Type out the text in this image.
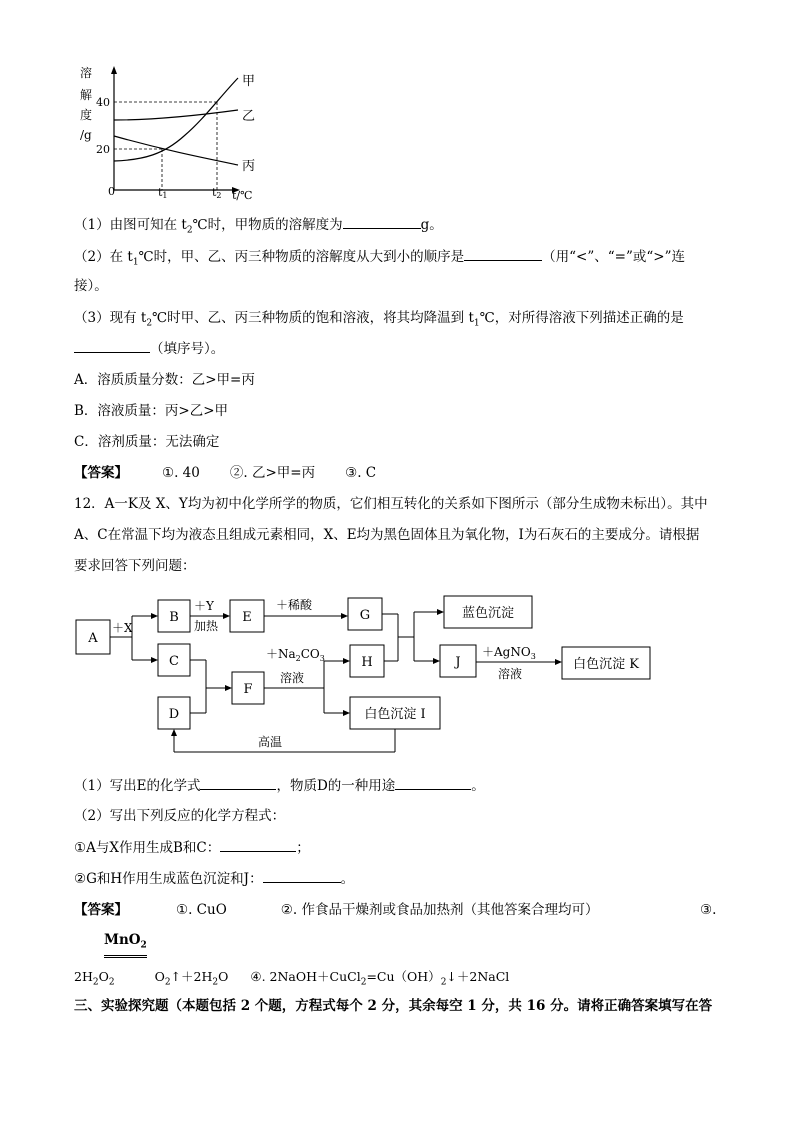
溶
解
度
/g
40
20
0	t1	t2 t/℃
甲
乙
丙
（1）由图可知在 $t_2℃$时，甲物质的溶解度为	g。
（2）在 $t_1℃$时，甲、乙、丙三种物质的溶解度从大到小的顺序是	（用“<”、“=”或“>”连
接）。
（3）现有 $t_2℃$时甲、乙、丙三种物质的饱和溶液，将其均降温到 $t_1℃$，对所得溶液下列描述正确的是
（填序号）。
A．溶质质量分数：乙>甲=丙
B．溶液质量：丙>乙>甲
C．溶剂质量：无法确定
【答案】	①. 40 ②. 乙>甲=丙 ③. C
12．A一K及 X、Y均为初中化学所学的物质，它们相互转化的关系如下图所示（部分生成物未标出）。其中
A、C在常温下均为液态且组成元素相同，X、E均为黑色固体且为氧化物，I为石灰石的主要成分。请根据
要求回答下列问题：
A
B
C
D
E
F
G
H	J
白色沉淀 I
蓝色沉淀
白色沉淀 K
＋X
＋Y
加热
＋稀酸
$+Na_2CO_3$
溶液
＋AgNO$_3$
溶液
高温
（1）写出E的化学式	，物质D的一种用途	。
（2）写出下列反应的化学方程式：
①A与X作用生成B和C：	；
②G和H作用生成蓝色沉淀和J：	。
【答案】	①. CuO	②. 作食品干燥剂或食品加热剂（其他答案合理均可）	③.
MnO$_2$
$2H_2O_2$	$O_2↑+2H_2O$ ④. $2NaOH+CuCl_2=Cu(OH)_2↓+2NaCl$
三、实验探究题（本题包括 2 个题，方程式每个 2 分，其余每空 1 分，共 16 分。请将正确答案填写在答
